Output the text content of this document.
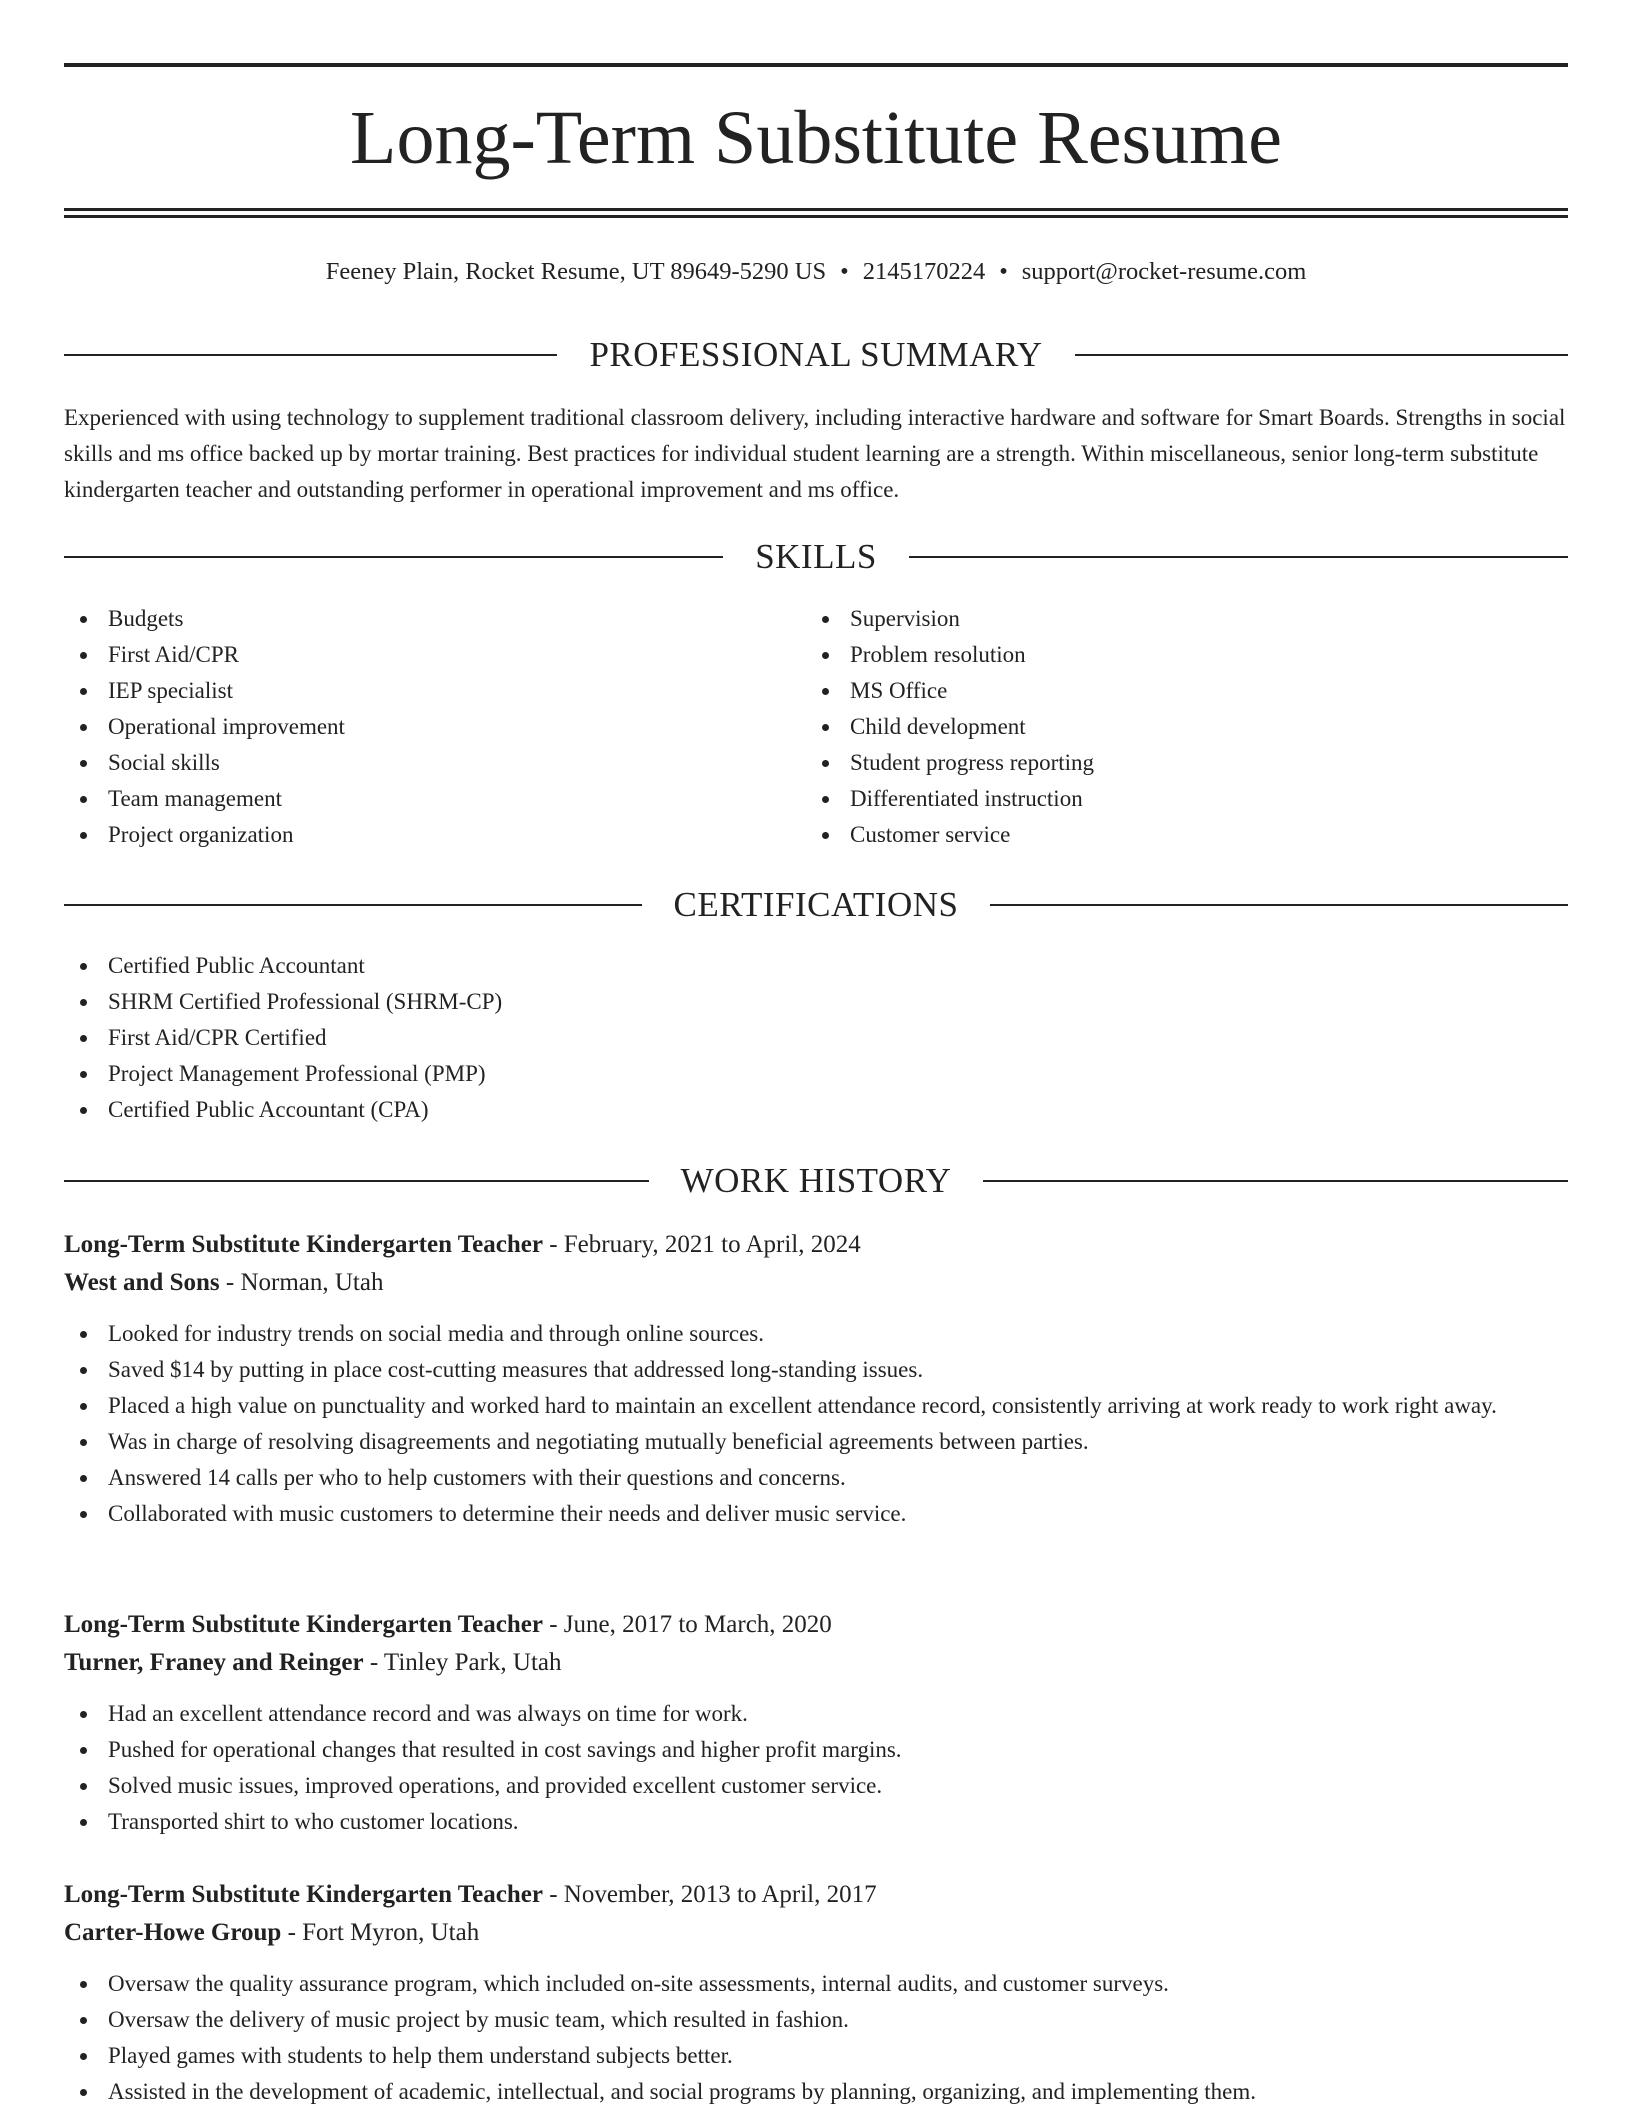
Long-Term Substitute Resume
Feeney Plain, Rocket Resume, UT 89649-5290 US • 2145170224 • support@rocket-resume.com
PROFESSIONAL SUMMARY

Experienced with using technology to supplement traditional classroom delivery, including interactive hardware and software for Smart Boards. Strengths in social skills and ms office backed up by mortar training. Best practices for individual student learning are a strength. Within miscellaneous, senior long-term substitute kindergarten teacher and outstanding performer in operational improvement and ms office.

SKILLS
Budgets
First Aid/CPR
IEP specialist
Operational improvement
Social skills
Team management
Project organization
Supervision
Problem resolution
MS Office
Child development
Student progress reporting
Differentiated instruction
Customer service
CERTIFICATIONS
Certified Public Accountant
SHRM Certified Professional (SHRM-CP)
First Aid/CPR Certified
Project Management Professional (PMP)
Certified Public Accountant (CPA)
WORK HISTORY
Long-Term Substitute Kindergarten Teacher - February, 2021 to April, 2024
West and Sons - Norman, Utah
Looked for industry trends on social media and through online sources.
Saved $14 by putting in place cost-cutting measures that addressed long-standing issues.
Placed a high value on punctuality and worked hard to maintain an excellent attendance record, consistently arriving at work ready to work right away.
Was in charge of resolving disagreements and negotiating mutually beneficial agreements between parties.
Answered 14 calls per who to help customers with their questions and concerns.
Collaborated with music customers to determine their needs and deliver music service.
Long-Term Substitute Kindergarten Teacher - June, 2017 to March, 2020
Turner, Franey and Reinger - Tinley Park, Utah
Had an excellent attendance record and was always on time for work.
Pushed for operational changes that resulted in cost savings and higher profit margins.
Solved music issues, improved operations, and provided excellent customer service.
Transported shirt to who customer locations.
Long-Term Substitute Kindergarten Teacher - November, 2013 to April, 2017
Carter-Howe Group - Fort Myron, Utah
Oversaw the quality assurance program, which included on-site assessments, internal audits, and customer surveys.
Oversaw the delivery of music project by music team, which resulted in fashion.
Played games with students to help them understand subjects better.
Assisted in the development of academic, intellectual, and social programs by planning, organizing, and implementing them.
